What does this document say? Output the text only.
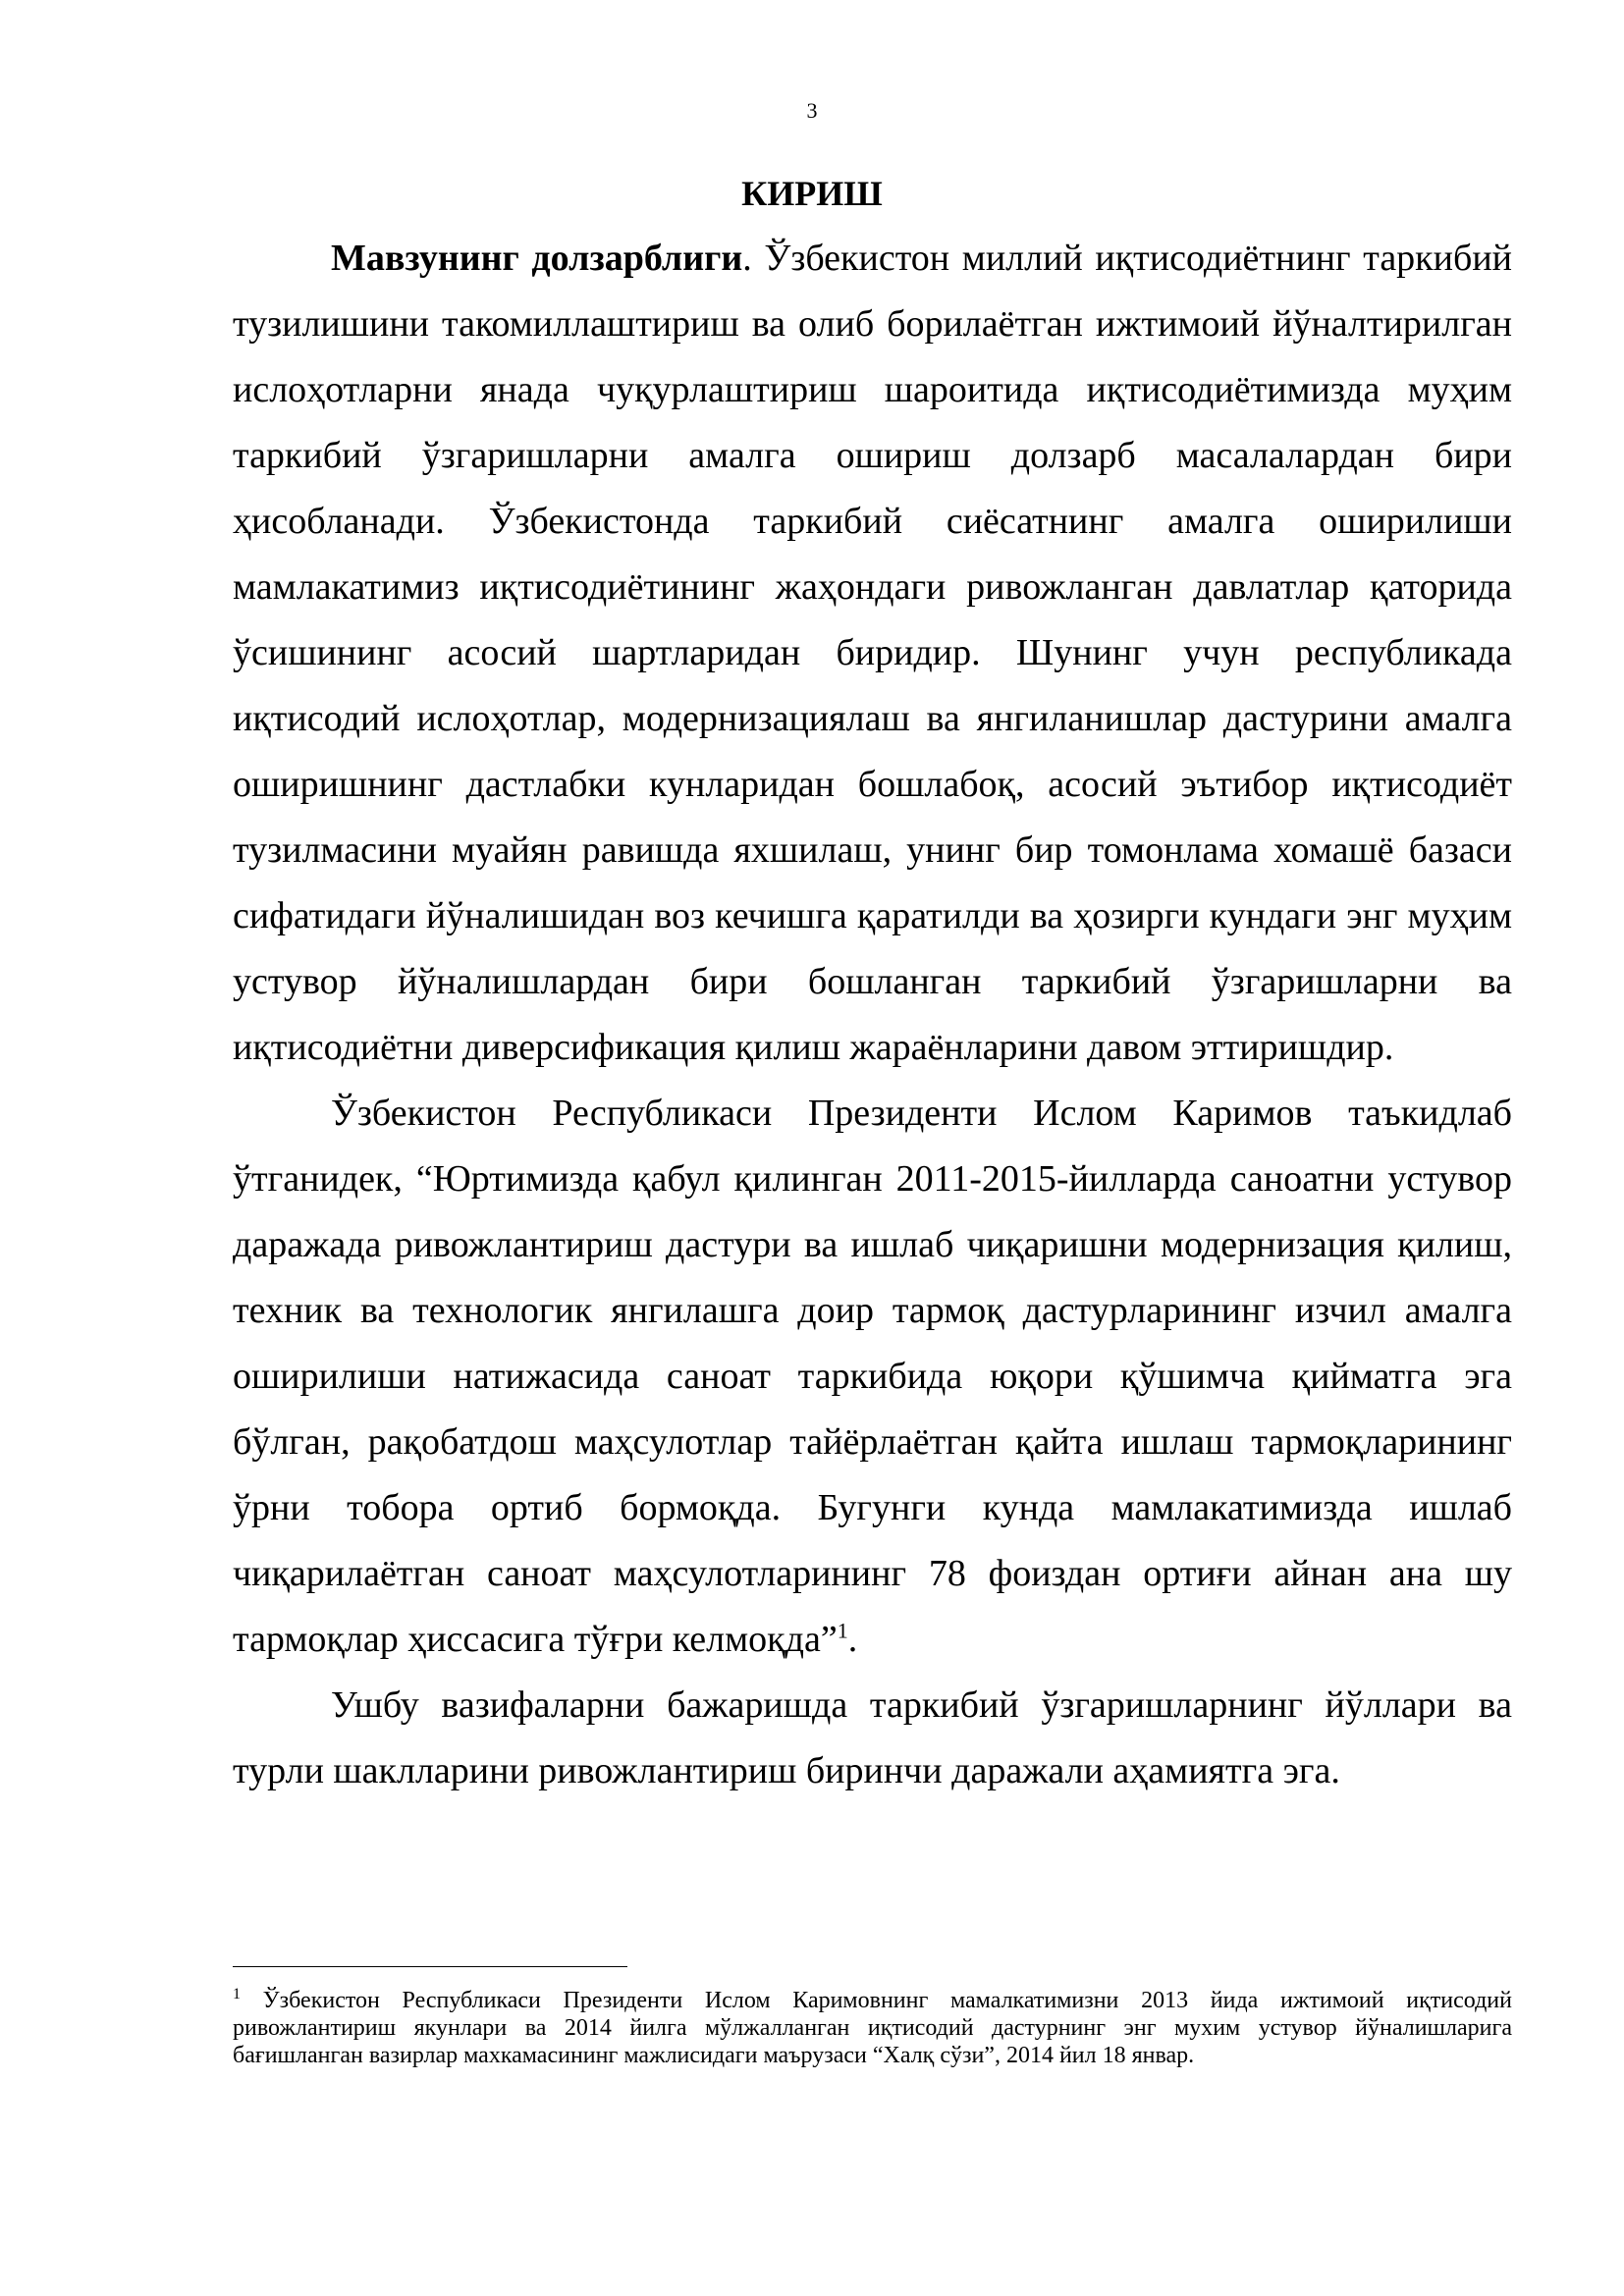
3
КИРИШ

Мавзунинг долзарблиги. Ўзбекистон миллий иқтисодиётнинг таркибий тузилишини такомиллаштириш ва олиб борилаётган ижтимоий йўналтирилган ислоҳотларни янада чуқурлаштириш шароитида иқтисодиётимизда муҳим таркибий ўзгаришларни амалга ошириш долзарб масалалардан бири ҳисобланади. Ўзбекистонда таркибий сиёсатнинг амалга оширилиши мамлакатимиз иқтисодиётининг жаҳондаги ривожланган давлатлар қаторида ўсишининг асосий шартларидан биридир. Шунинг учун республикада иқтисодий ислоҳотлар, модернизациялаш ва янгиланишлар дастурини амалга оширишнинг дастлабки кунларидан бошлабоқ, асосий эътибор иқтисодиёт тузилмасини муайян равишда яхшилаш, унинг бир томонлама хомашё базаси сифатидаги йўналишидан воз кечишга қаратилди ва ҳозирги кундаги энг муҳим устувор йўналишлардан бири бошланган таркибий ўзгаришларни ва иқтисодиётни диверсификация қилиш жараёнларини давом эттиришдир.

Ўзбекистон Республикаси Президенти Ислом Каримов таъкидлаб ўтганидек, “Юртимизда қабул қилинган 2011-2015-йилларда саноатни устувор даражада ривожлантириш дастури ва ишлаб чиқаришни модернизация қилиш, техник ва технологик янгилашга доир тармоқ дастурларининг изчил амалга оширилиши натижасида саноат таркибида юқори қўшимча қийматга эга бўлган, рақобатдош маҳсулотлар тайёрлаётган қайта ишлаш тармоқларининг ўрни тобора ортиб бормоқда. Бугунги кунда мамлакатимизда ишлаб чиқарилаётган саноат маҳсулотларининг 78 фоиздан ортиғи айнан ана шу тармоқлар ҳиссасига тўғри келмоқда”$^1$.

Ушбу вазифаларни бажаришда таркибий ўзгаришларнинг йўллари ва турли шаклларини ривожлантириш биринчи даражали аҳамиятга эга.

$^1$ Ўзбекистон Республикаси Президенти Ислом Каримовнинг мамалкатимизни 2013 йида ижтимоий иқтисодий ривожлантириш якунлари ва 2014 йилга мўлжалланган иқтисодий дастурнинг энг мухим устувор йўналишларига бағишланган вазирлар махкамасининг мажлисидаги маърузаси “Халқ сўзи”, 2014 йил 18 январ.
